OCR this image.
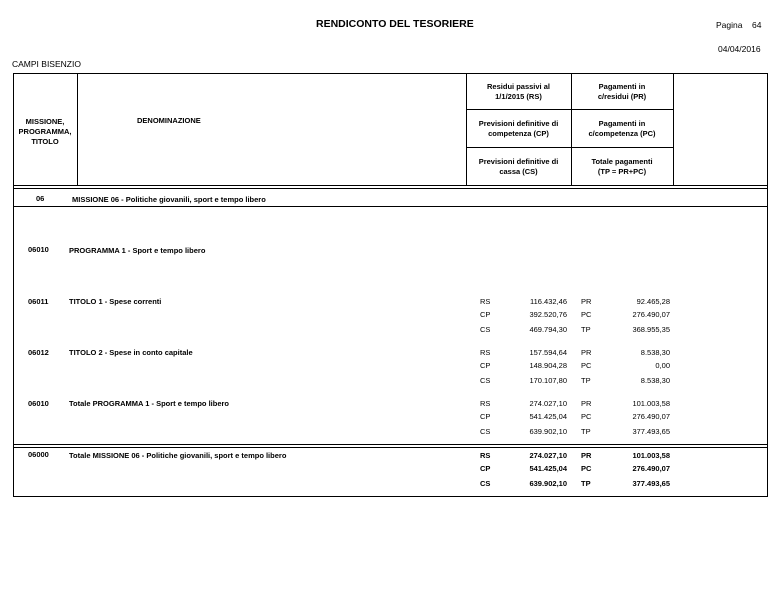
RENDICONTO DEL TESORIERE	Pagina 64
04/04/2016
CAMPI BISENZIO
MISSIONE,
PROGRAMMA,
TITOLO
DENOMINAZIONE
Residui passivi al
1/1/2015 (RS)
Pagamenti in
c/residui (PR)
Previsioni definitive di
competenza (CP)
Pagamenti in
c/competenza (PC)
Previsioni definitive di
cassa (CS)
Totale pagamenti
(TP = PR+PC)
06	MISSIONE 06 - Politiche giovanili, sport e tempo libero
06010	PROGRAMMA 1 - Sport e tempo libero
06011	TITOLO 1 - Spese correnti	RS	116.432,46 PR	92.465,28
CP	392.520,76 PC	276.490,07
CS	469.794,30 TP	368.955,35
06012	TITOLO 2 - Spese in conto capitale	RS	157.594,64 PR	8.538,30
CP	148.904,28 PC	0,00
CS	170.107,80 TP	8.538,30
06010	Totale PROGRAMMA 1 - Sport e tempo libero	RS	274.027,10 PR	101.003,58
CP	541.425,04 PC	276.490,07
CS	639.902,10 TP	377.493,65
06000	Totale MISSIONE 06 - Politiche giovanili, sport e tempo libero	RS	274.027,10 PR	101.003,58
CP	541.425,04 PC	276.490,07
CS	639.902,10 TP	377.493,65
